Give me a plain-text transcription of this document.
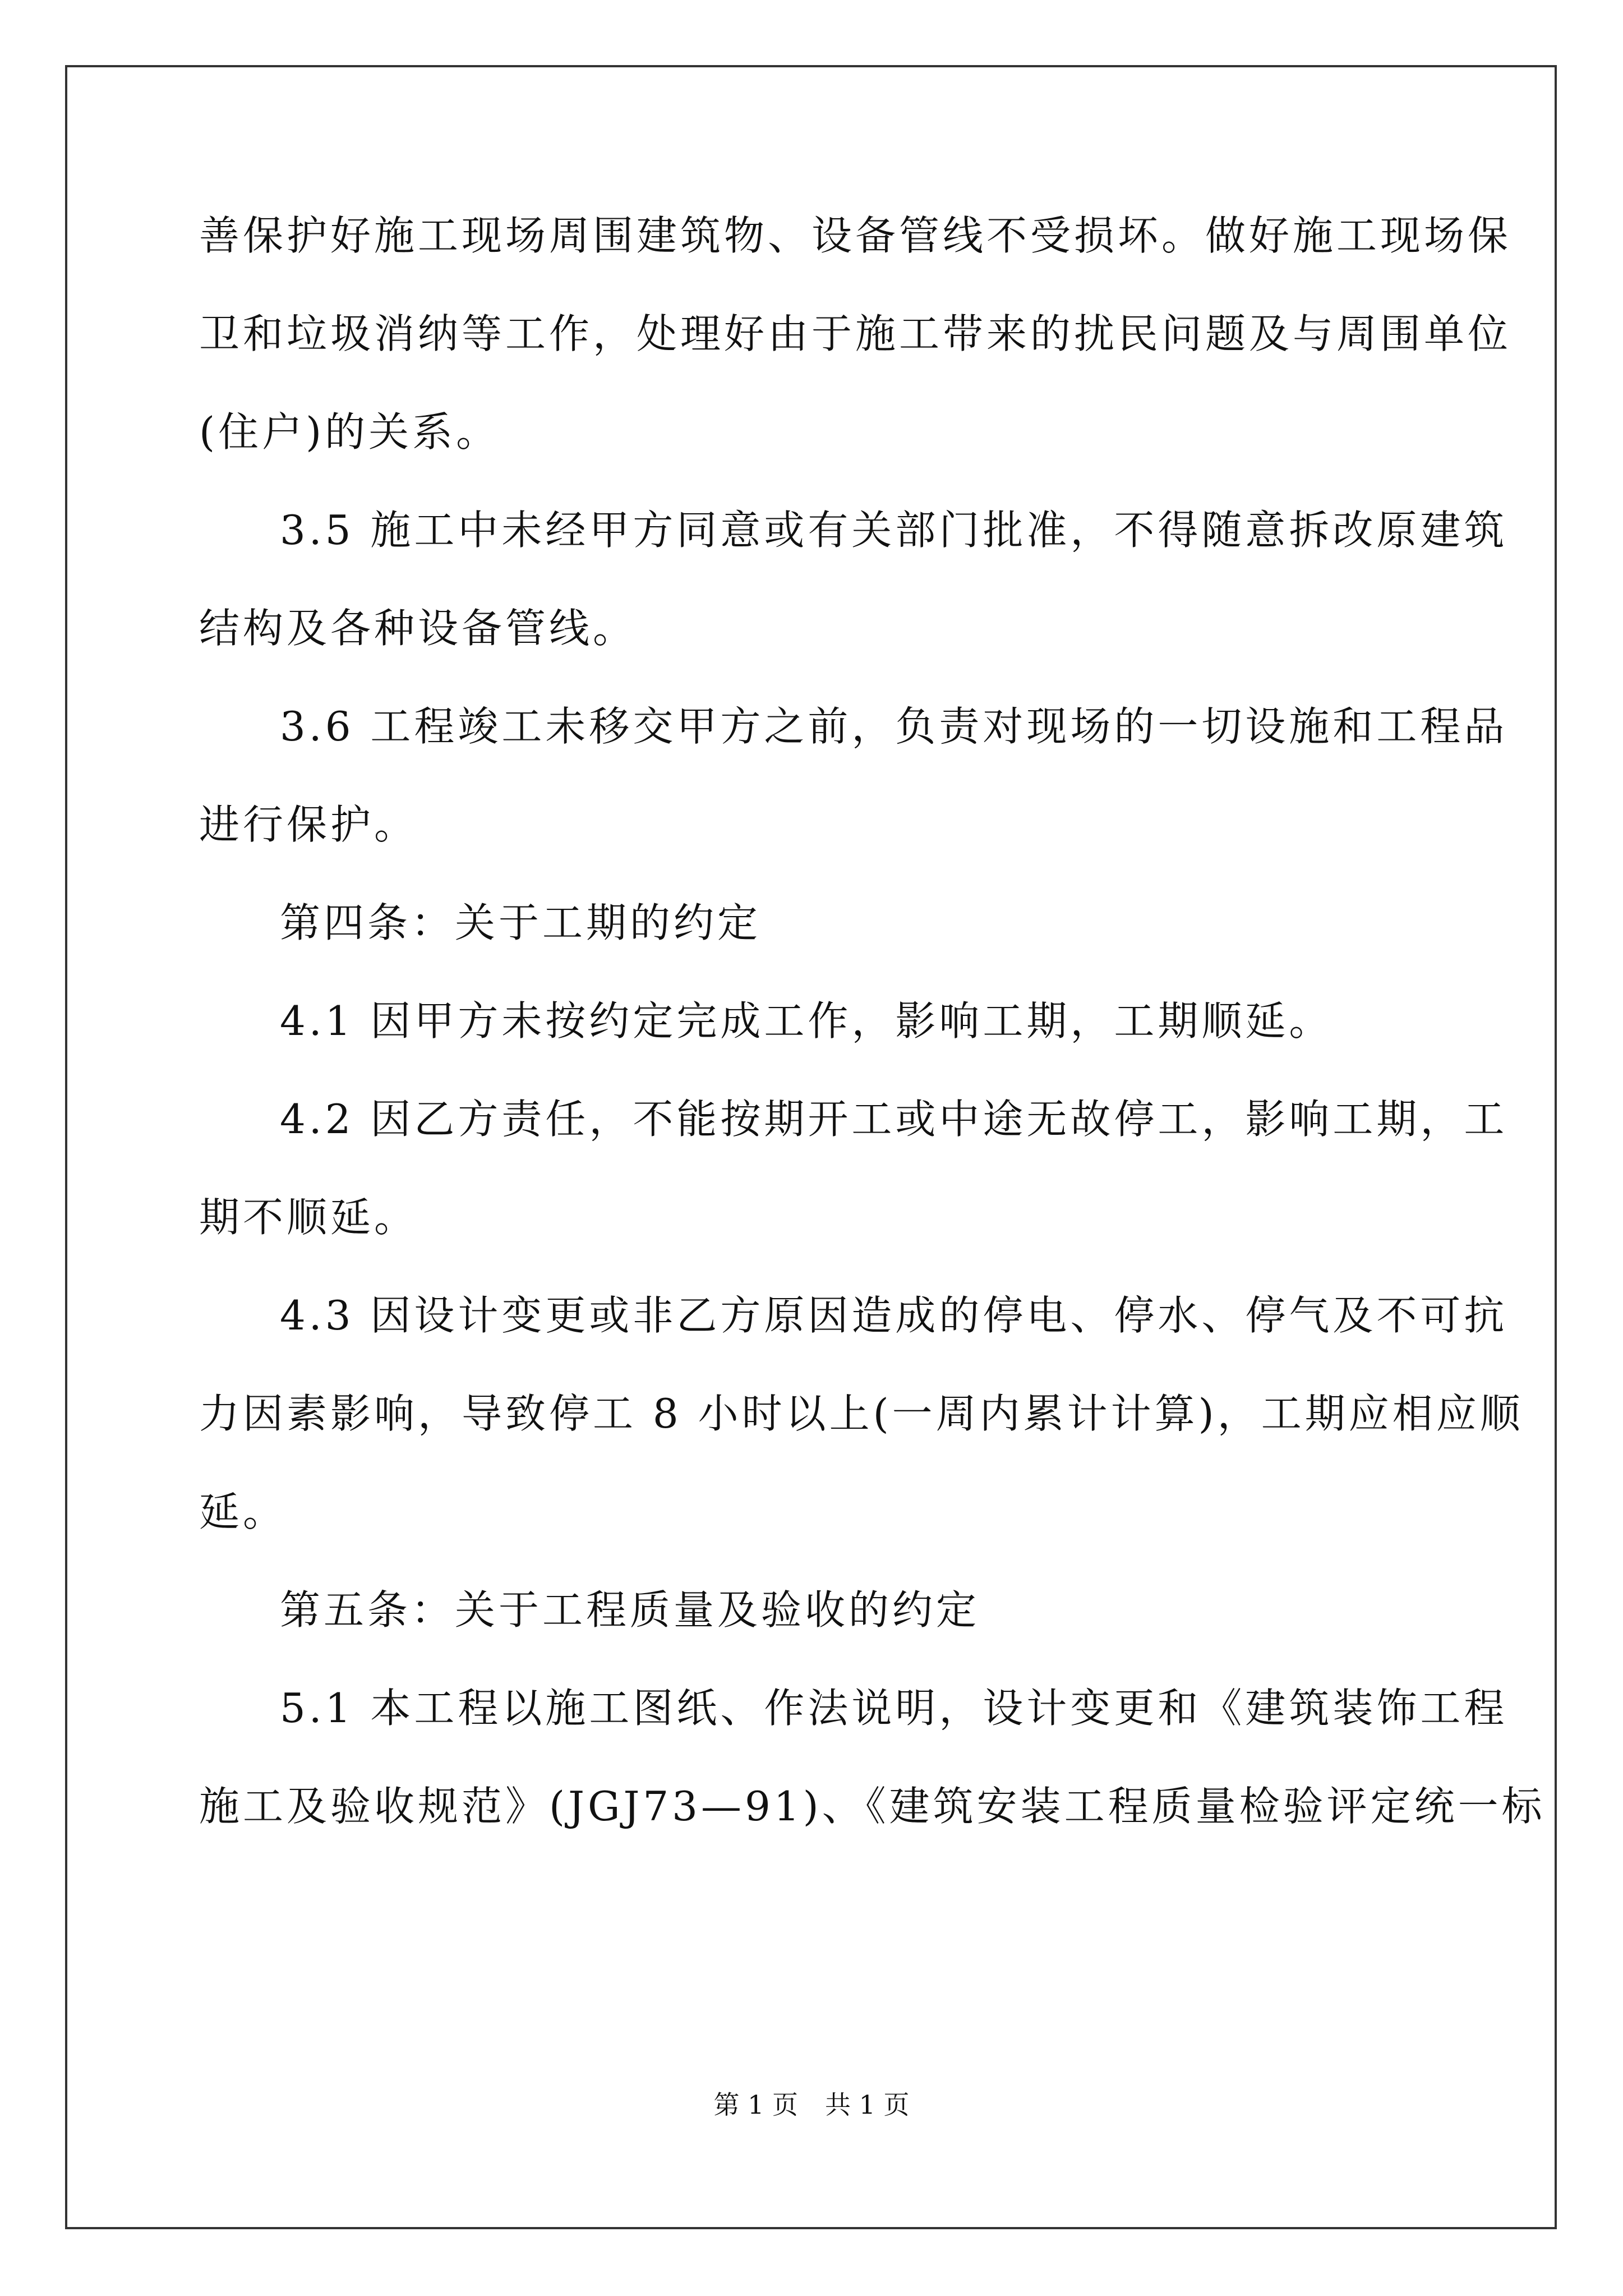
善保护好施工现场周围建筑物、设备管线不受损坏。做好施工现场保
卫和垃圾消纳等工作，处理好由于施工带来的扰民问题及与周围单位
(住户)的关系。
3.5 施工中未经甲方同意或有关部门批准，不得随意拆改原建筑
结构及各种设备管线。
3.6 工程竣工未移交甲方之前，负责对现场的一切设施和工程品
进行保护。
第四条：关于工期的约定
4.1 因甲方未按约定完成工作，影响工期，工期顺延。
4.2 因乙方责任，不能按期开工或中途无故停工，影响工期，工
期不顺延。
4.3 因设计变更或非乙方原因造成的停电、停水、停气及不可抗
力因素影响，导致停工 8 小时以上(一周内累计计算)，工期应相应顺
延。
第五条：关于工程质量及验收的约定
5.1 本工程以施工图纸、作法说明，设计变更和《建筑装饰工程
施工及验收规范》(JGJ73—91)、《建筑安装工程质量检验评定统一标
第 1 页 共 1 页
